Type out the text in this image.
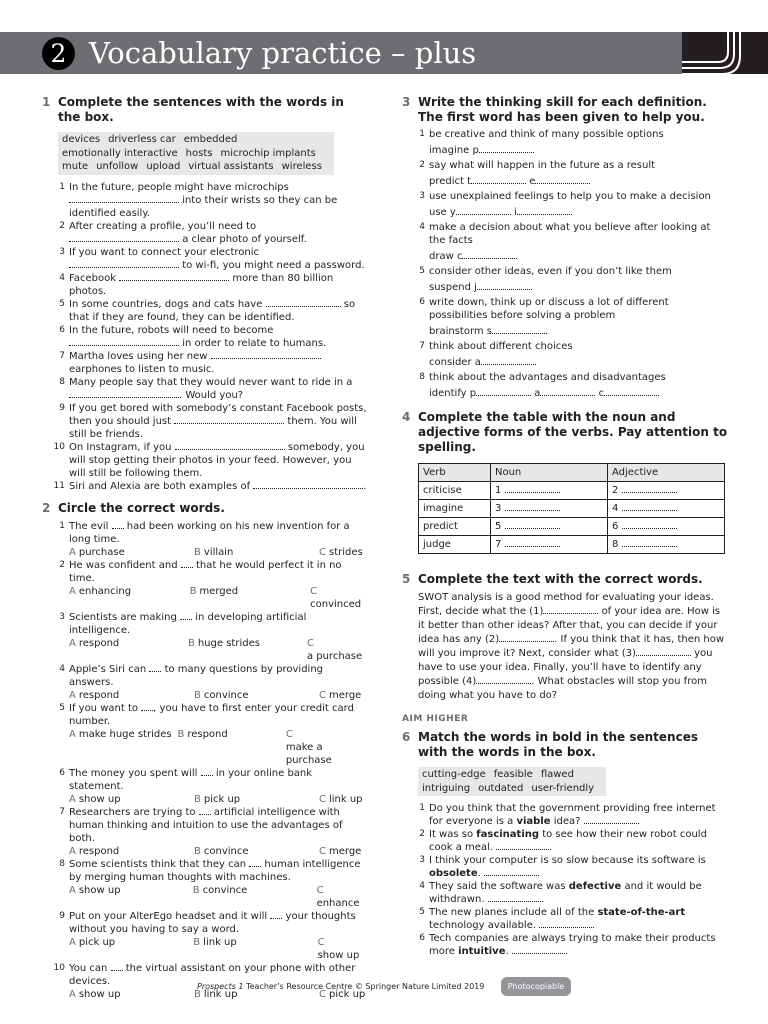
2 Vocabulary practice – plus
1 Complete the sentences with the words in the box.
devices driverless car embedded
emotionally interactive hosts microchip implants
mute unfollow upload virtual assistants wireless
1 In the future, people might have microchips
into their wrists so they can be identified easily.
2 After creating a profile, you’ll need to  a clear photo of yourself.
3 If you want to connect your electronic  to wi-fi, you might need a password.
4 Facebook	more than 80 billion photos.
5 In some countries, dogs and cats have	so that if they are found, they can be identified.
6 In the future, robots will need to become
in order to relate to humans.
7 Martha loves using her new  earphones to listen to music.
8 Many people say that they would never want to ride in a
. Would you?
9 If you get bored with somebody’s constant Facebook posts, then you should just	them. You will still be friends.
10 On Instagram, if you	somebody, you will stop getting their photos in your feed. However, you will still be following them.
11 Siri and Alexia are both examples of	.
2 Circle the correct words.
1 The evil had been working on his new invention for a long time.
A purchase	B villain	C strides
2 He was confident and that he would perfect it in no time.
A enhancing	B merged	Cconvinced
3 Scientists are making in developing artificial intelligence.
A respond	B huge strides	Ca purchase
4 Apple’s Siri can to many questions by providing answers.
A respond	B convince	C merge
5 If you want to , you have to first enter your credit card number.
A make huge strides B respond	Cmake a purchase
6 The money you spent will in your online bank statement.
A show up	B pick up	C link up
7 Researchers are trying to artificial intelligence with human thinking and intuition to use the advantages of both.
A respond	B convince	C merge
8 Some scientists think that they can human intelligence by merging human thoughts with machines.
A show up	B convince	Cenhance
9 Put on your AlterEgo headset and it will your thoughts without you having to say a word.
A pick up	B link up	Cshow up
10 You can the virtual assistant on your phone with other devices.
A show up	B link up	C pick up
3 Write the thinking skill for each definition. The first word has been given to help you.
1 be creative and think of many possible options
imagine p
2 say what will happen in the future as a result
predict t	e
3 use unexplained feelings to help you to make a decision
use y	i
4 make a decision about what you believe after looking at the facts
draw c
5 consider other ideas, even if you don’t like them
suspend j
6 write down, think up or discuss a lot of different possibilities before solving a problem
brainstorm s
7 think about different choices
consider a
8 think about the advantages and disadvantages
identify p	a	c
4 Complete the table with the noun and adjective forms of the verbs. Pay attention to spelling.
Verb	Noun	Adjective
criticise	1	2
imagine	3	4
predict	5	6
judge	7	8
5 Complete the text with the correct words.
SWOT analysis is a good method for evaluating your ideas. First, decide what the (1)	of your idea are. How is it better than other ideas? After that, you can decide if your idea has any (2)	. If you think that it has, then how will you improve it? Next, consider what (3)	you have to use your idea. Finally, you’ll have to identify any possible (4)	. What obstacles will stop you from doing what you have to do?
AIM HIGHER
6 Match the words in bold in the sentences with the words in the box.
cutting-edge feasible flawed
intriguing outdated user-friendly
1 Do you think that the government providing free internet for everyone is a viable idea?
2 It was so fascinating to see how their new robot could cook a meal.
3 I think your computer is so slow because its software is obsolete.
4 They said the software was defective and it would be withdrawn.
5 The new planes include all of the state-of-the-art technology available.
6 Tech companies are always trying to make their products more intuitive.
Prospects 1 Teacher’s Resource Centre © Springer Nature Limited 2019	Photocopiable
